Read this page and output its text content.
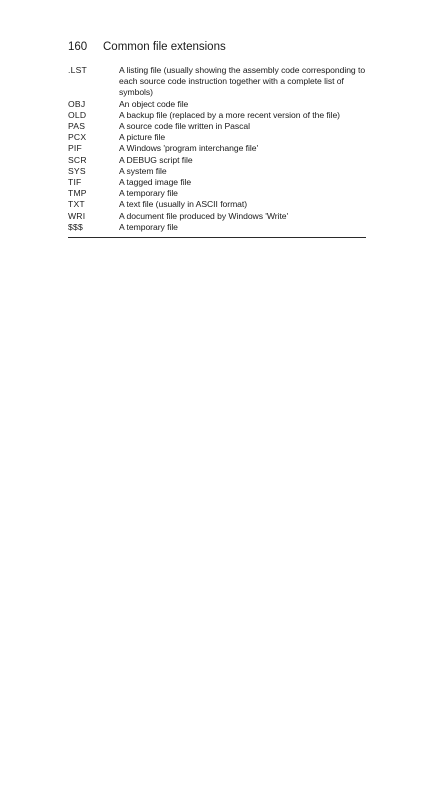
160	Common file extensions
.LST	A listing file (usually showing the assembly code corresponding to each source code instruction together with a complete list of symbols)
OBJ	An object code file
OLD	A backup file (replaced by a more recent version of the file)
PAS	A source code file written in Pascal
PCX	A picture file
PIF	A Windows 'program interchange file'
SCR	A DEBUG script file
SYS	A system file
TIF	A tagged image file
TMP	A temporary file
TXT	A text file (usually in ASCII format)
WRI	A document file produced by Windows 'Write'
$$$	A temporary file
